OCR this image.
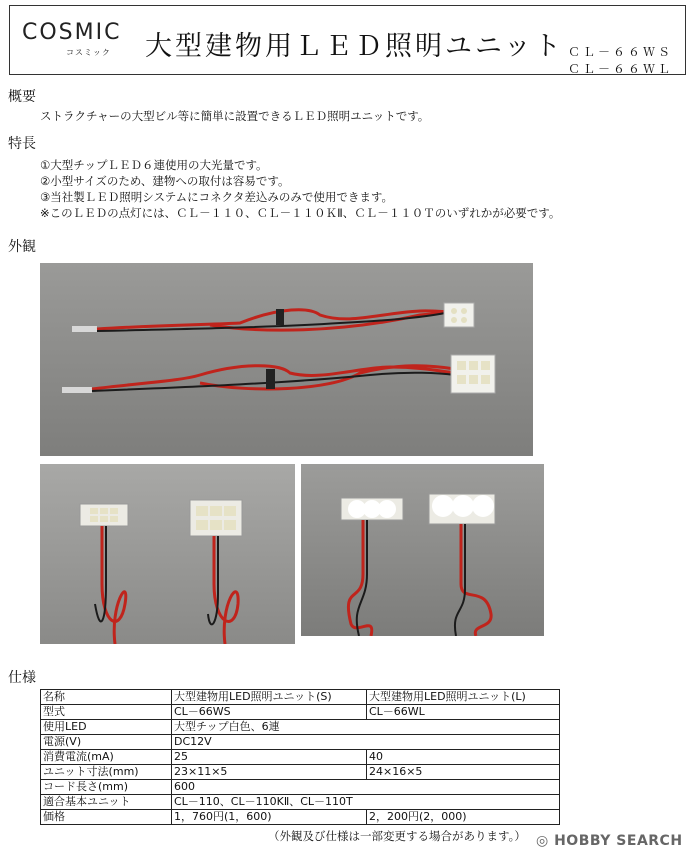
COSMIC
コスミック 大型建物用ＬＥＤ照明ユニット ＣＬ－６６ＷＳ
ＣＬ－６６ＷＬ
概要
ストラクチャーの大型ビル等に簡単に設置できるＬＥＤ照明ユニットです。
特長
①大型チップＬＥＤ６連使用の大光量です。
②小型サイズのため、建物への取付は容易です。
③当社製ＬＥＤ照明システムにコネクタ差込みのみで使用できます。
※このＬＥＤの点灯には、ＣＬ－１１０、ＣＬ－１１０ＫⅡ、ＣＬ－１１０Ｔのいずれかが必要です。
外観
仕様
名称	大型建物用LED照明ユニット(S)	大型建物用LED照明ユニット(L)
型式	CL－66WS	CL－66WL
使用LED	大型チップ白色、6連	
電源(V)	DC12V	
消費電流(mA)	25	40
ユニット寸法(mm)	23×11×5	24×16×5
コード長さ(mm)	600	
適合基本ユニット	CL－110、CL－110KⅡ、CL－110T	
価格	1，760円(1，600)	2，200円(2，000)
（外観及び仕様は一部変更する場合があります。） ◎ HOBBY SEARCH
